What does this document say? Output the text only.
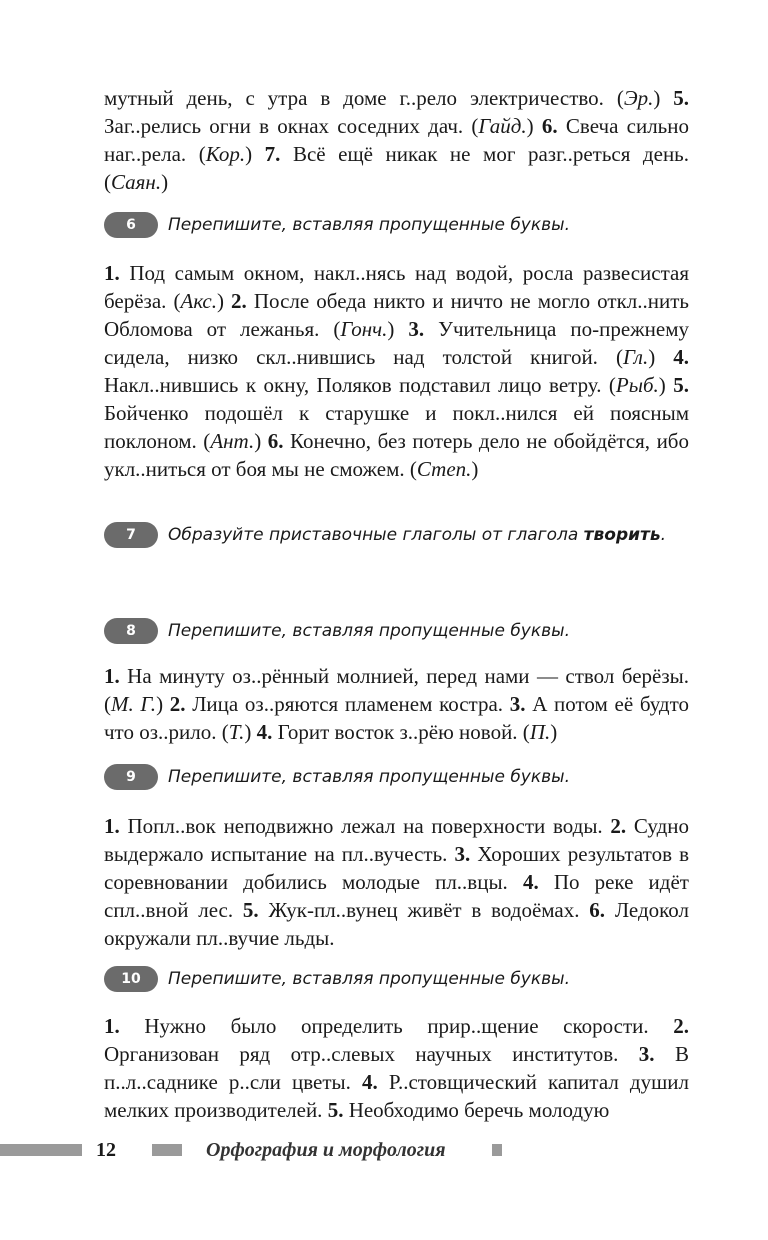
мутный день, с утра в доме г..рело электричество. (Эр.) 5. Заг..релись огни в окнах соседних дач. (Гайд.) 6. Свеча сильно наг..рела. (Кор.) 7. Всё ещё никак не мог разг..реться день. (Саян.)

6	Перепишите, вставляя пропущенные буквы.

1. Под самым окном, накл..нясь над водой, росла развесистая берёза. (Акс.) 2. После обеда никто и ничто не могло откл..нить Обломова от лежанья. (Гонч.) 3. Учительница по-прежнему сидела, низко скл..нившись над толстой книгой. (Гл.) 4. Накл..нившись к окну, Поляков подставил лицо ветру. (Рыб.) 5. Бойченко подошёл к старушке и покл..нился ей поясным поклоном. (Ант.) 6. Конечно, без потерь дело не обойдётся, ибо укл..ниться от боя мы не сможем. (Степ.)

7	Образуйте приставочные глаголы от глагола творить.
8	Перепишите, вставляя пропущенные буквы.

1. На минуту оз..рённый молнией, перед нами — ствол берёзы. (М. Г.) 2. Лица оз..ряются пламенем костра. 3. А потом её будто что оз..рило. (Т.) 4. Горит восток з..рёю новой. (П.)

9	Перепишите, вставляя пропущенные буквы.

1. Попл..вок неподвижно лежал на поверхности воды. 2. Судно выдержало испытание на пл..вучесть. 3. Хороших результатов в соревновании добились молодые пл..вцы. 4. По реке идёт спл..вной лес. 5. Жук-пл..вунец живёт в водоёмах. 6. Ледокол окружали пл..вучие льды.

10	Перепишите, вставляя пропущенные буквы.

1. Нужно было определить прир..щение скорости. 2. Организован ряд отр..слевых научных институтов. 3. В п..л..саднике р..сли цветы. 4. Р..стовщический капитал душил мелких производителей. 5. Необходимо беречь молодую

12	Орфография и морфология
